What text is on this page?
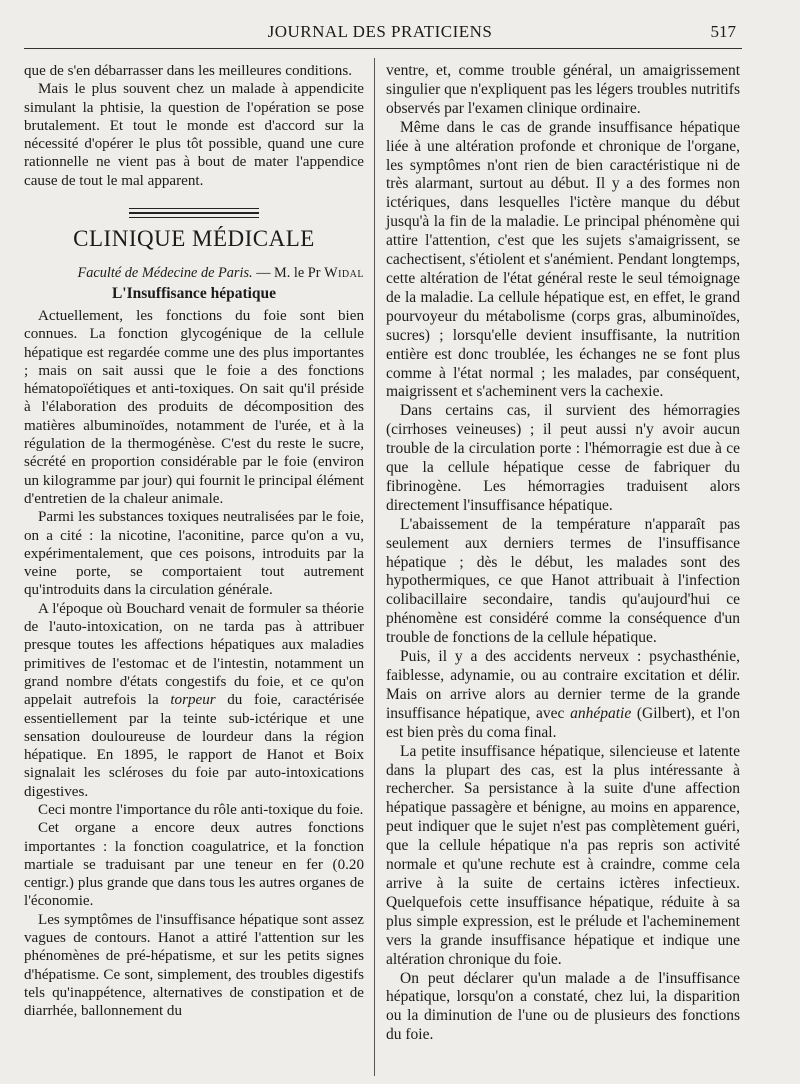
JOURNAL DES PRATICIENS	517

que de s'en débarrasser dans les meilleures conditions.

Mais le plus souvent chez un malade à appendicite simulant la phtisie, la question de l'opération se pose brutalement. Et tout le monde est d'accord sur la nécessité d'opérer le plus tôt possible, quand une cure rationnelle ne vient pas à bout de mater l'appendice cause de tout le mal apparent.

CLINIQUE MÉDICALE
Faculté de Médecine de Paris. — M. le Pr Widal
L'Insuffisance hépatique

Actuellement, les fonctions du foie sont bien connues. La fonction glycogénique de la cellule hépatique est regardée comme une des plus importantes ; mais on sait aussi que le foie a des fonctions hématopoïétiques et anti-toxiques. On sait qu'il préside à l'élaboration des produits de décomposition des matières albuminoïdes, notamment de l'urée, et à la régulation de la thermogénèse. C'est du reste le sucre, sécrété en proportion considérable par le foie (environ un kilogramme par jour) qui fournit le principal élément d'entretien de la chaleur animale.

Parmi les substances toxiques neutralisées par le foie, on a cité : la nicotine, l'aconitine, parce qu'on a vu, expérimentalement, que ces poisons, introduits par la veine porte, se comportaient tout autrement qu'introduits dans la circulation générale.

A l'époque où Bouchard venait de formuler sa théorie de l'auto-intoxication, on ne tarda pas à attribuer presque toutes les affections hépatiques aux maladies primitives de l'estomac et de l'intestin, notamment un grand nombre d'états congestifs du foie, et ce qu'on appelait autrefois la torpeur du foie, caractérisée essentiellement par la teinte sub-ictérique et une sensation douloureuse de lourdeur dans la région hépatique. En 1895, le rapport de Hanot et Boix signalait les scléroses du foie par auto-intoxications digestives.

Ceci montre l'importance du rôle anti-toxique du foie.

Cet organe a encore deux autres fonctions importantes : la fonction coagulatrice, et la fonction martiale se traduisant par une teneur en fer (0.20 centigr.) plus grande que dans tous les autres organes de l'économie.

Les symptômes de l'insuffisance hépatique sont assez vagues de contours. Hanot a attiré l'attention sur les phénomènes de pré-hépatisme, et sur les petits signes d'hépatisme. Ce sont, simplement, des troubles digestifs tels qu'inappétence, alternatives de constipation et de diarrhée, ballonnement du

ventre, et, comme trouble général, un amaigrissement singulier que n'expliquent pas les légers troubles nutritifs observés par l'examen clinique ordinaire.

Même dans le cas de grande insuffisance hépatique liée à une altération profonde et chronique de l'organe, les symptômes n'ont rien de bien caractéristique ni de très alarmant, surtout au début. Il y a des formes non ictériques, dans lesquelles l'ictère manque du début jusqu'à la fin de la maladie. Le principal phénomène qui attire l'attention, c'est que les sujets s'amaigrissent, se cachectisent, s'étiolent et s'anémient. Pendant longtemps, cette altération de l'état général reste le seul témoignage de la maladie. La cellule hépatique est, en effet, le grand pourvoyeur du métabolisme (corps gras, albuminoïdes, sucres) ; lorsqu'elle devient insuffisante, la nutrition entière est donc troublée, les échanges ne se font plus comme à l'état normal ; les malades, par conséquent, maigrissent et s'acheminent vers la cachexie.

Dans certains cas, il survient des hémorragies (cirrhoses veineuses) ; il peut aussi n'y avoir aucun trouble de la circulation porte : l'hémorragie est due à ce que la cellule hépatique cesse de fabriquer du fibrinogène. Les hémorragies traduisent alors directement l'insuffisance hépatique.

L'abaissement de la température n'apparaît pas seulement aux derniers termes de l'insuffisance hépatique ; dès le début, les malades sont des hypothermiques, ce que Hanot attribuait à l'infection colibacillaire secondaire, tandis qu'aujourd'hui ce phénomène est considéré comme la conséquence d'un trouble de fonctions de la cellule hépatique.

Puis, il y a des accidents nerveux : psychasthénie, faiblesse, adynamie, ou au contraire excitation et délir. Mais on arrive alors au dernier terme de la grande insuffisance hépatique, avec anhépatie (Gilbert), et l'on est bien près du coma final.

La petite insuffisance hépatique, silencieuse et latente dans la plupart des cas, est la plus intéressante à rechercher. Sa persistance à la suite d'une affection hépatique passagère et bénigne, au moins en apparence, peut indiquer que le sujet n'est pas complètement guéri, que la cellule hépatique n'a pas repris son activité normale et qu'une rechute est à craindre, comme cela arrive à la suite de certains ictères infectieux. Quelquefois cette insuffisance hépatique, réduite à sa plus simple expression, est le prélude et l'acheminement vers la grande insuffisance hépatique et indique une altération chronique du foie.

On peut déclarer qu'un malade a de l'insuffisance hépatique, lorsqu'on a constaté, chez lui, la disparition ou la diminution de l'une ou de plusieurs des fonctions du foie.
